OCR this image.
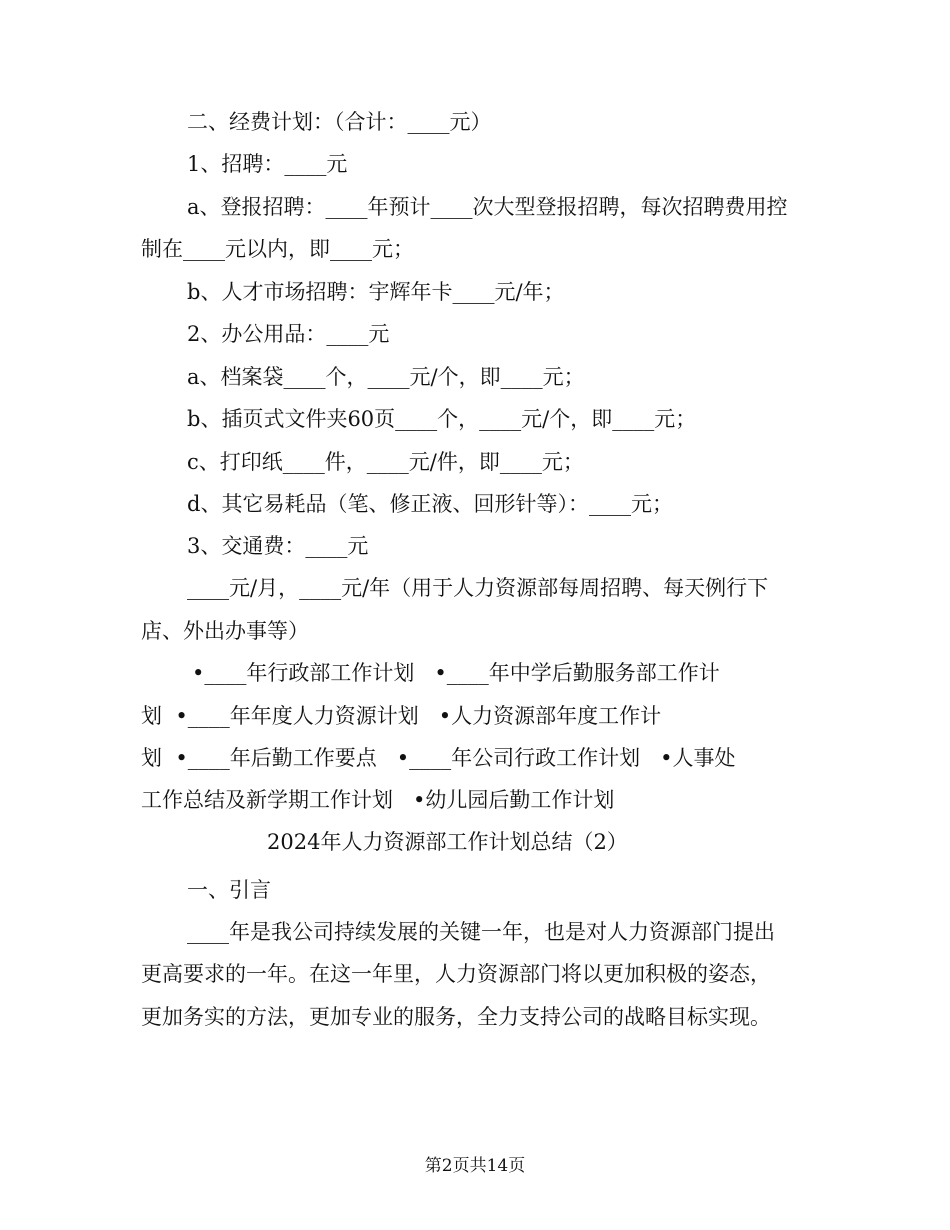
二、经费计划：（合计：____元）
1、招聘：____元
a、登报招聘：____年预计____次大型登报招聘，每次招聘费用控
制在____元以内，即____元；
b、人才市场招聘：宇辉年卡____元/年；
2、办公用品：____元
a、档案袋____个，____元/个，即____元；
b、插页式文件夹60页____个，____元/个，即____元；
c、打印纸____件，____元/件，即____元；
d、其它易耗品（笔、修正液、回形针等）：____元；
3、交通费：____元
____元/月，____元/年（用于人力资源部每周招聘、每天例行下
店、外出办事等）
•____年行政部工作计划   •____年中学后勤服务部工作计
划  •____年年度人力资源计划   •人力资源部年度工作计
划  •____年后勤工作要点   •____年公司行政工作计划   •人事处
工作总结及新学期工作计划   •幼儿园后勤工作计划
2024年人力资源部工作计划总结（2）
一、引言
____年是我公司持续发展的关键一年，也是对人力资源部门提出
更高要求的一年。在这一年里，人力资源部门将以更加积极的姿态，
更加务实的方法，更加专业的服务，全力支持公司的战略目标实现。
第2页共14页
